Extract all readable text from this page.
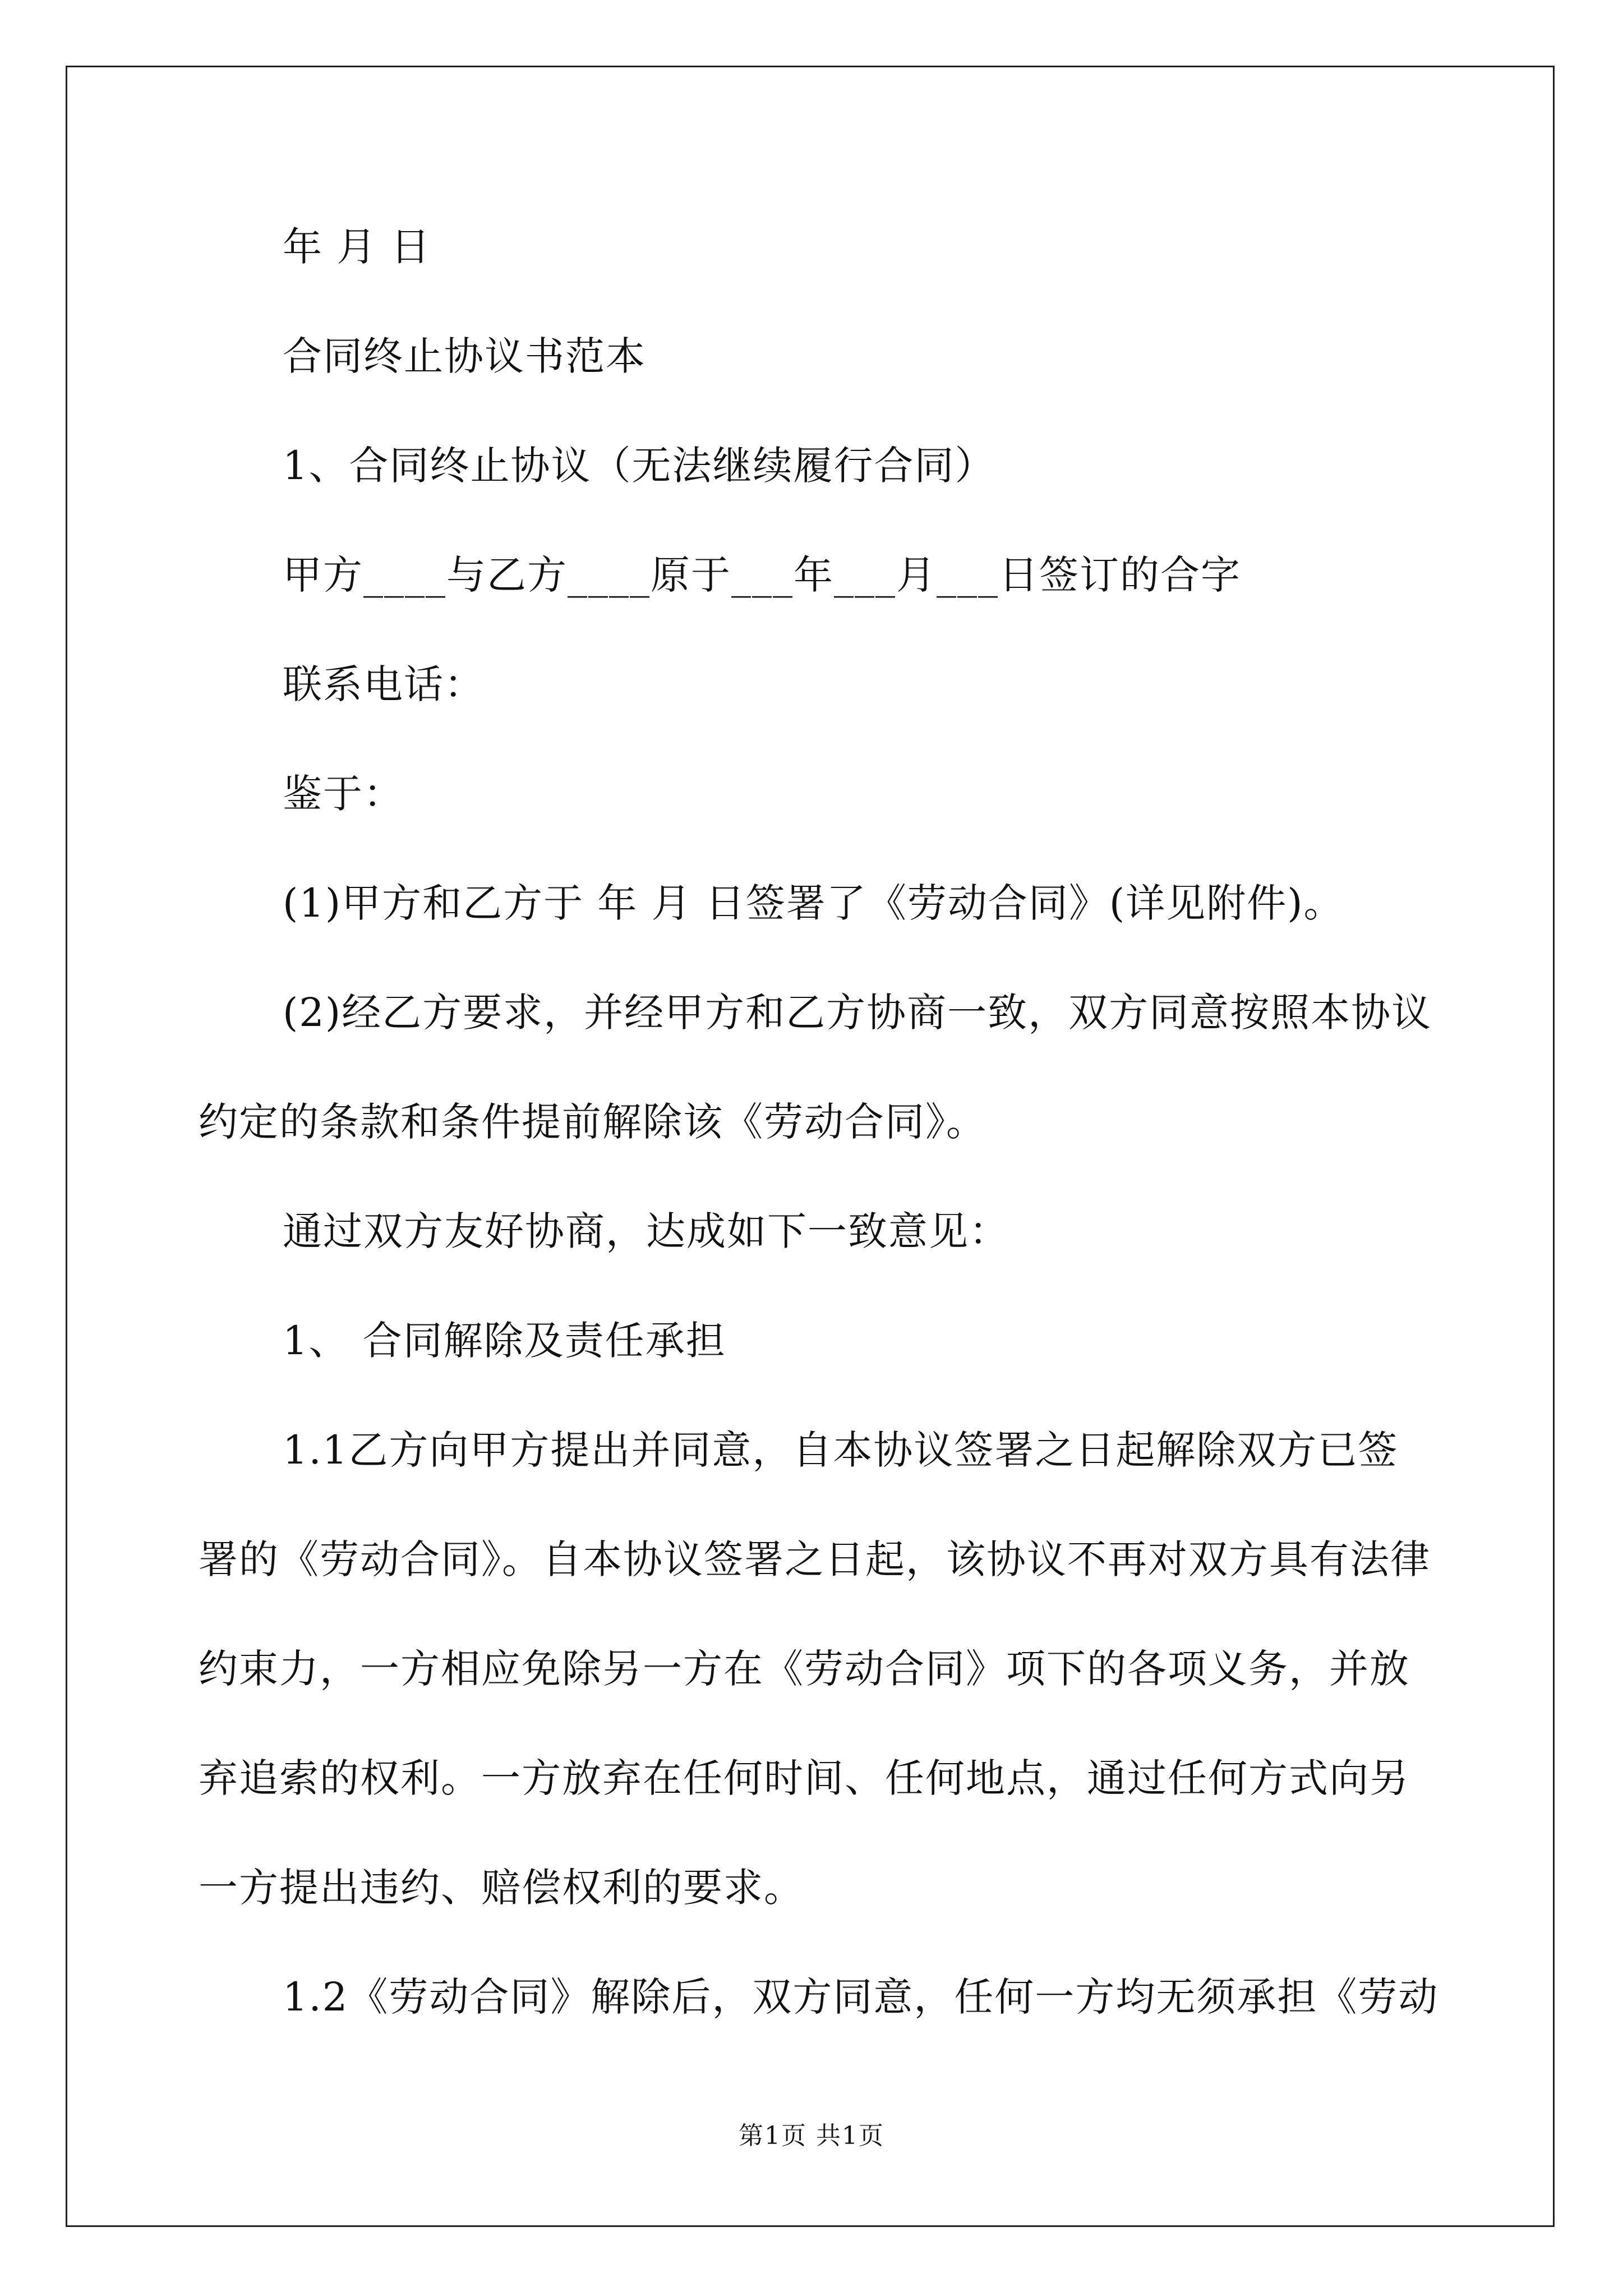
年 月 日
合同终止协议书范本
1、合同终止协议（无法继续履行合同）
甲方____与乙方____原于___年___月___日签订的合字
联系电话：
鉴于：
(1)甲方和乙方于 年 月 日签署了《劳动合同》(详见附件)。
(2)经乙方要求，并经甲方和乙方协商一致，双方同意按照本协议
约定的条款和条件提前解除该《劳动合同》。
通过双方友好协商，达成如下一致意见：
1、 合同解除及责任承担
1.1乙方向甲方提出并同意，自本协议签署之日起解除双方已签
署的《劳动合同》。自本协议签署之日起，该协议不再对双方具有法律
约束力，一方相应免除另一方在《劳动合同》项下的各项义务，并放
弃追索的权利。一方放弃在任何时间、任何地点，通过任何方式向另
一方提出违约、赔偿权利的要求。
1.2《劳动合同》解除后，双方同意，任何一方均无须承担《劳动
第1页 共1页
